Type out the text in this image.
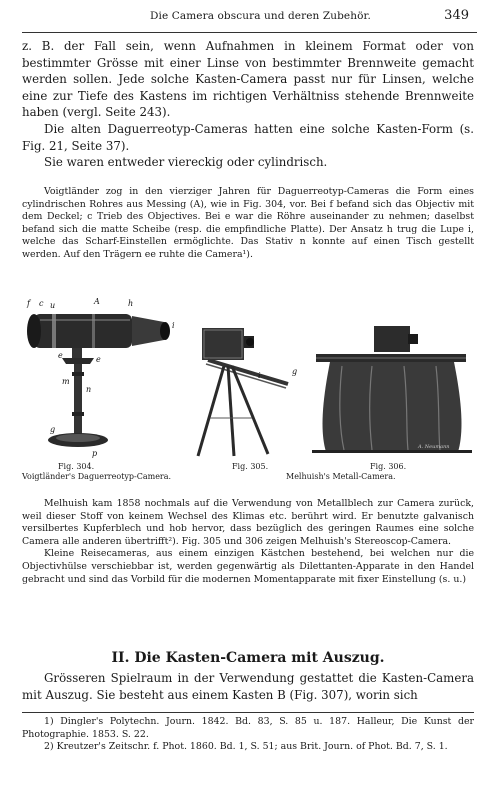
Die Camera obscura und deren Zubehör.	349

z. B. der Fall sein, wenn Aufnahmen in kleinem Format oder von bestimmter Grösse mit einer Linse von bestimmter Brennweite gemacht werden sollen. Jede solche Kasten-Camera passt nur für Linsen, welche eine zur Tiefe des Kastens im richtigen Verhältniss stehende Brennweite haben (vergl. Seite 243).

Die alten Daguerreotyp-Cameras hatten eine solche Kasten-Form (s. Fig. 21, Seite 37).

Sie waren entweder viereckig oder cylindrisch.

Voigtländer zog in den vierziger Jahren für Daguerreotyp-Cameras die Form eines cylindrischen Rohres aus Messing (A), wie in Fig. 304, vor. Bei f befand sich das Objectiv mit dem Deckel; c Trieb des Objectives. Bei e war die Röhre auseinander zu nehmen; daselbst befand sich die matte Scheibe (resp. die empfindliche Platte). Der Ansatz h trug die Lupe i, welche das Scharf-Einstellen ermöglichte. Das Stativ n konnte auf einen Tisch gestellt werden. Auf den Trägern ee ruhte die Camera¹).

f c u	A	h
i
e	e
m
n
g
p
Fig. 304.
Voigtländer's Daguerreotyp-Camera.
g
i
Fig. 305.
A. Neumann
Fig. 306.
Melhuish's Metall-Camera.

Melhuish kam 1858 nochmals auf die Verwendung von Metallblech zur Camera zurück, weil dieser Stoff von keinem Wechsel des Klimas etc. berührt wird. Er benutzte galvanisch versilbertes Kupferblech und hob hervor, dass bezüglich des geringen Raumes eine solche Camera alle anderen übertrifft²). Fig. 305 und 306 zeigen Melhuish's Stereoscop-Camera.

Kleine Reisecameras, aus einem einzigen Kästchen bestehend, bei welchen nur die Objectivhülse verschiebbar ist, werden gegenwärtig als Dilettanten-Apparate in den Handel gebracht und sind das Vorbild für die modernen Momentapparate mit fixer Einstellung (s. u.)

II. Die Kasten-Camera mit Auszug.

Grösseren Spielraum in der Verwendung gestattet die Kasten-Camera mit Auszug. Sie besteht aus einem Kasten B (Fig. 307), worin sich

1) Dingler's Polytechn. Journ. 1842. Bd. 83, S. 85 u. 187. Halleur, Die Kunst der Photographie. 1853. S. 22.

2) Kreutzer's Zeitschr. f. Phot. 1860. Bd. 1, S. 51; aus Brit. Journ. of Phot. Bd. 7, S. 1.
